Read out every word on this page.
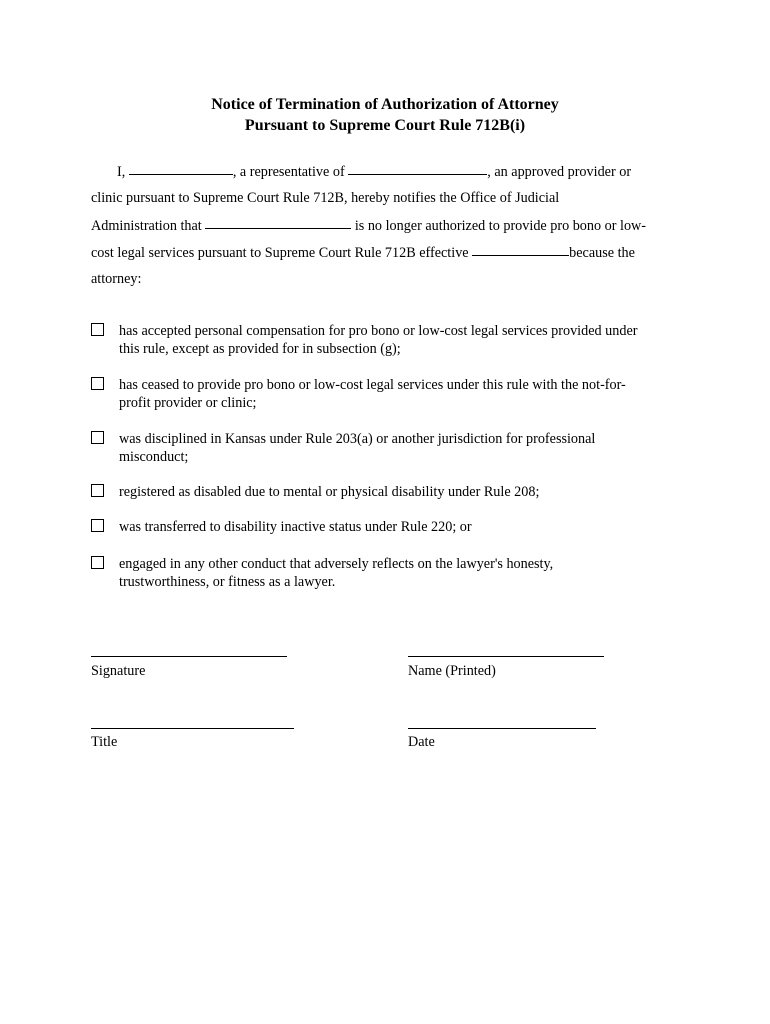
Notice of Termination of Authorization of Attorney
Pursuant to Supreme Court Rule 712B(i)

I,	, a representative of	, an approved provider or

clinic pursuant to Supreme Court Rule 712B, hereby notifies the Office of Judicial

Administration that	is no longer authorized to provide pro bono or low-

cost legal services pursuant to Supreme Court Rule 712B effective	because the

attorney:

has accepted personal compensation for pro bono or low-cost legal services provided under
this rule, except as provided for in subsection (g);

has ceased to provide pro bono or low-cost legal services under this rule with the not-for-
profit provider or clinic;

was disciplined in Kansas under Rule 203(a) or another jurisdiction for professional
misconduct;

registered as disabled due to mental or physical disability under Rule 208;

was transferred to disability inactive status under Rule 220; or

engaged in any other conduct that adversely reflects on the lawyer's honesty,
trustworthiness, or fitness as a lawyer.

Signature	Name (Printed)

Title	Date
